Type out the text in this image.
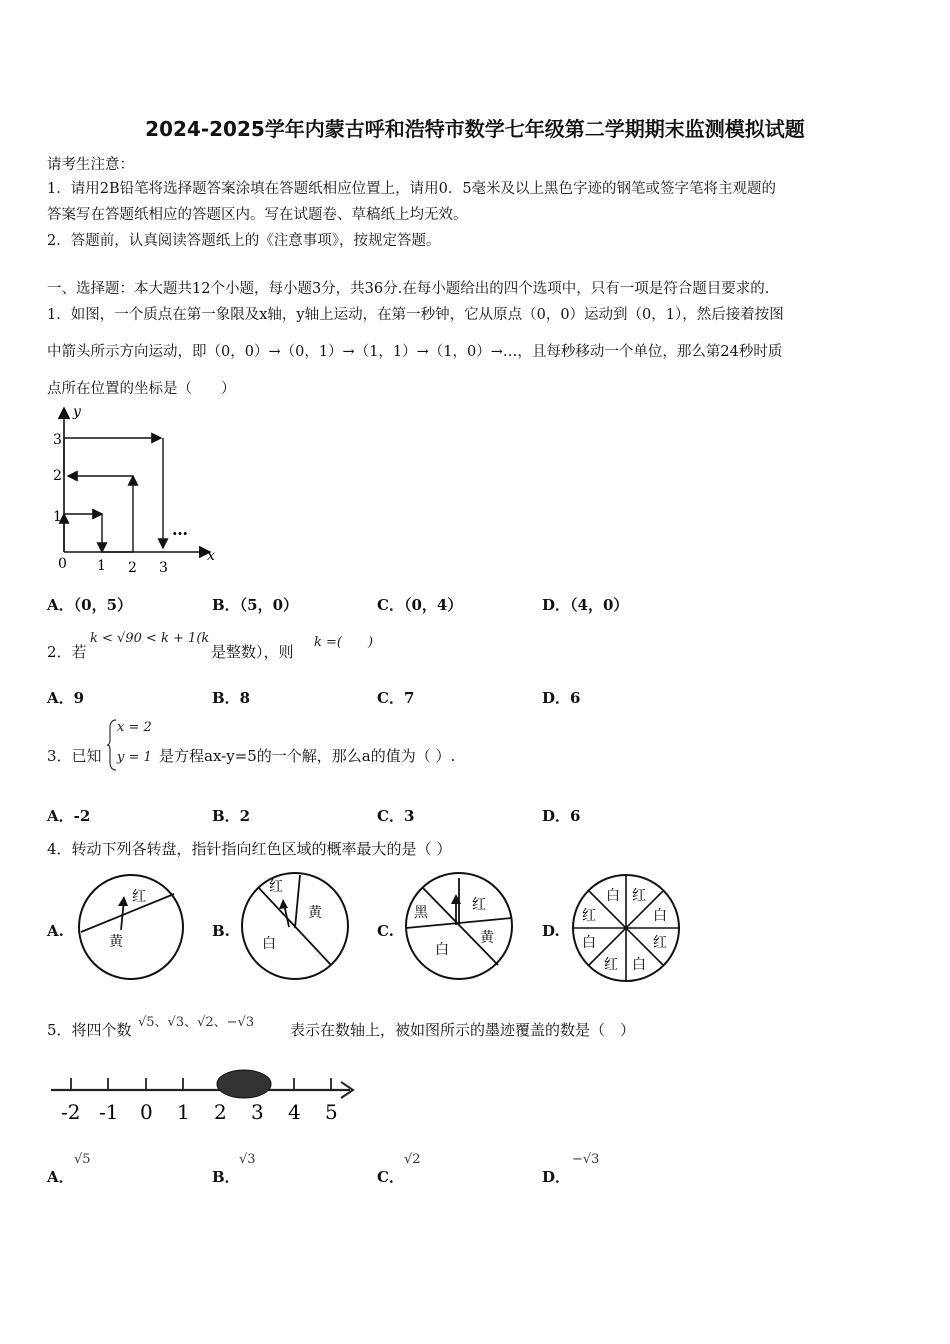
2024-2025学年内蒙古呼和浩特市数学七年级第二学期期末监测模拟试题
请考生注意：
1．请用2B铅笔将选择题答案涂填在答题纸相应位置上，请用0．5毫米及以上黑色字迹的钢笔或签字笔将主观题的
答案写在答题纸相应的答题区内。写在试题卷、草稿纸上均无效。
2．答题前，认真阅读答题纸上的《注意事项》，按规定答题。
一、选择题：本大题共12个小题，每小题3分，共36分.在每小题给出的四个选项中，只有一项是符合题目要求的.
1．如图，一个质点在第一象限及x轴，y轴上运动，在第一秒钟，它从原点（0，0）运动到（0，1），然后接着按图
中箭头所示方向运动，即（0，0）→（0，1）→（1，1）→（1，0）→…，且每秒移动一个单位，那么第24秒时质
点所在位置的坐标是（　　）
y
x
3
2
1
0 1 2 3
…
A．（0，5）	B．（5，0）	C．（0，4）	D．（4，0）
2．若
k < √90 < k + 1(k
是整数），则
k =(　　)
A．9	B．8	C．7	D．6
3．已知
x = 2
y = 1 是方程ax-y=5的一个解，那么a的值为（ ）.
A．-2	B．2	C．3	D．6
4．转动下列各转盘，指针指向红色区域的概率最大的是（ ）
A.
红
黄
B.
红
黄
白
C.
黑	红
黄
白
D.
白 红
红	白
白	红
红 白
5．将四个数 √5、√3、√2、−√3 表示在数轴上，被如图所示的墨迹覆盖的数是（　）
-2 -1 0 1 2 3 4 5
A．
√5
B．
√3
C．
√2
D．
−√3
